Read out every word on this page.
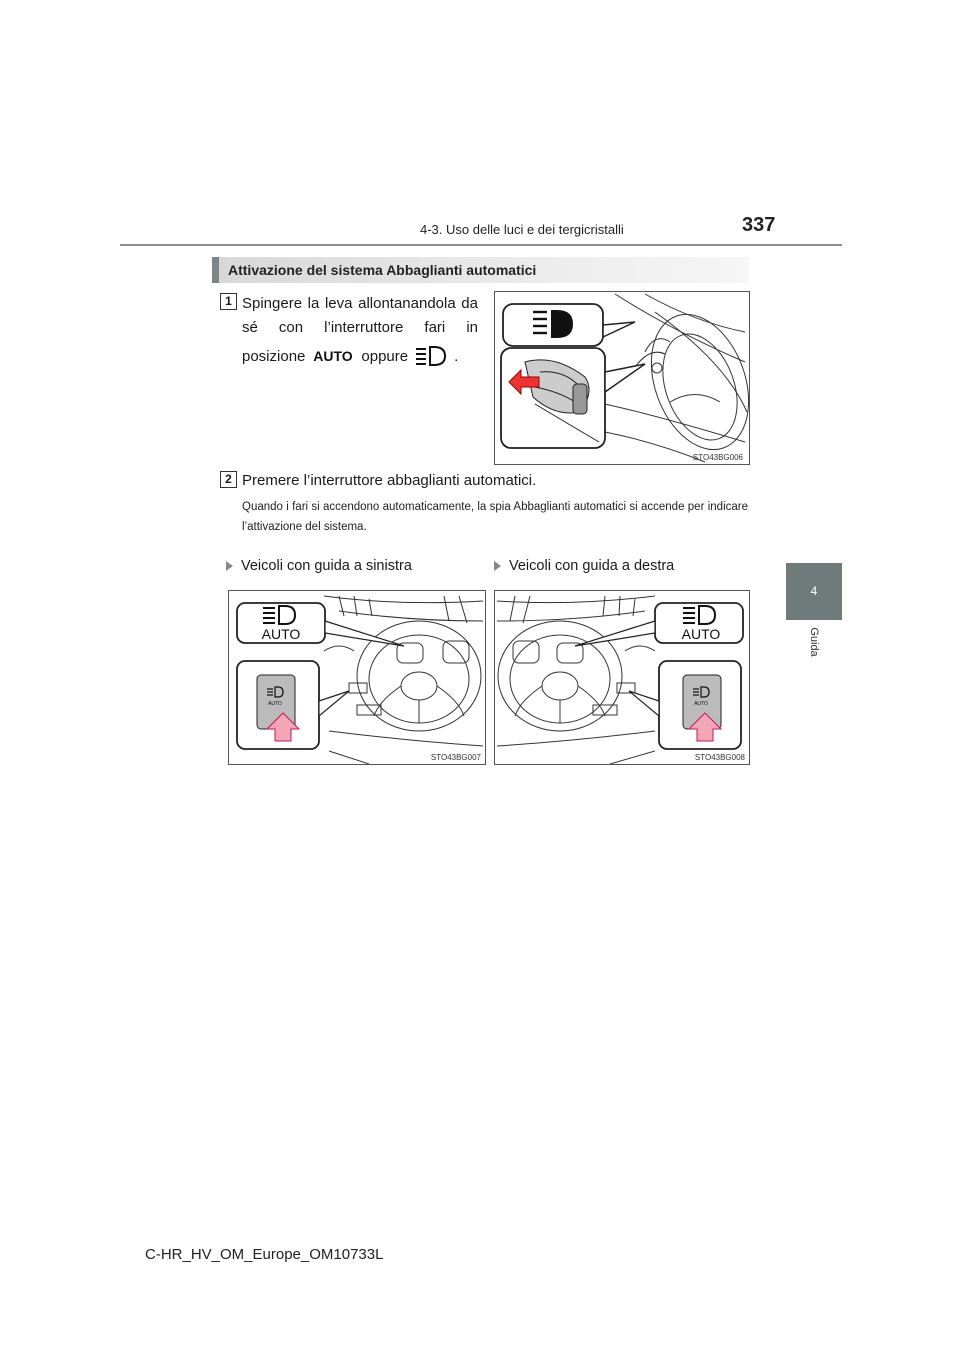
4-3. Uso delle luci e dei tergicristalli	337
4
Guida
Attivazione del sistema Abbaglianti automatici
1 Spingere la leva allontanandola da sé con l’interruttore fari in
posizione AUTO oppure	.
STO43BG006
2 Premere l’interruttore abbaglianti automatici.
Quando i fari si accendono automaticamente, la spia Abbaglianti automatici si accende per indicare l’attivazione del sistema.
Veicoli con guida a sinistra	Veicoli con guida a destra
AUTO
AUTO
STO43BG007
AUTO
AUTO
STO43BG008
C-HR_HV_OM_Europe_OM10733L
